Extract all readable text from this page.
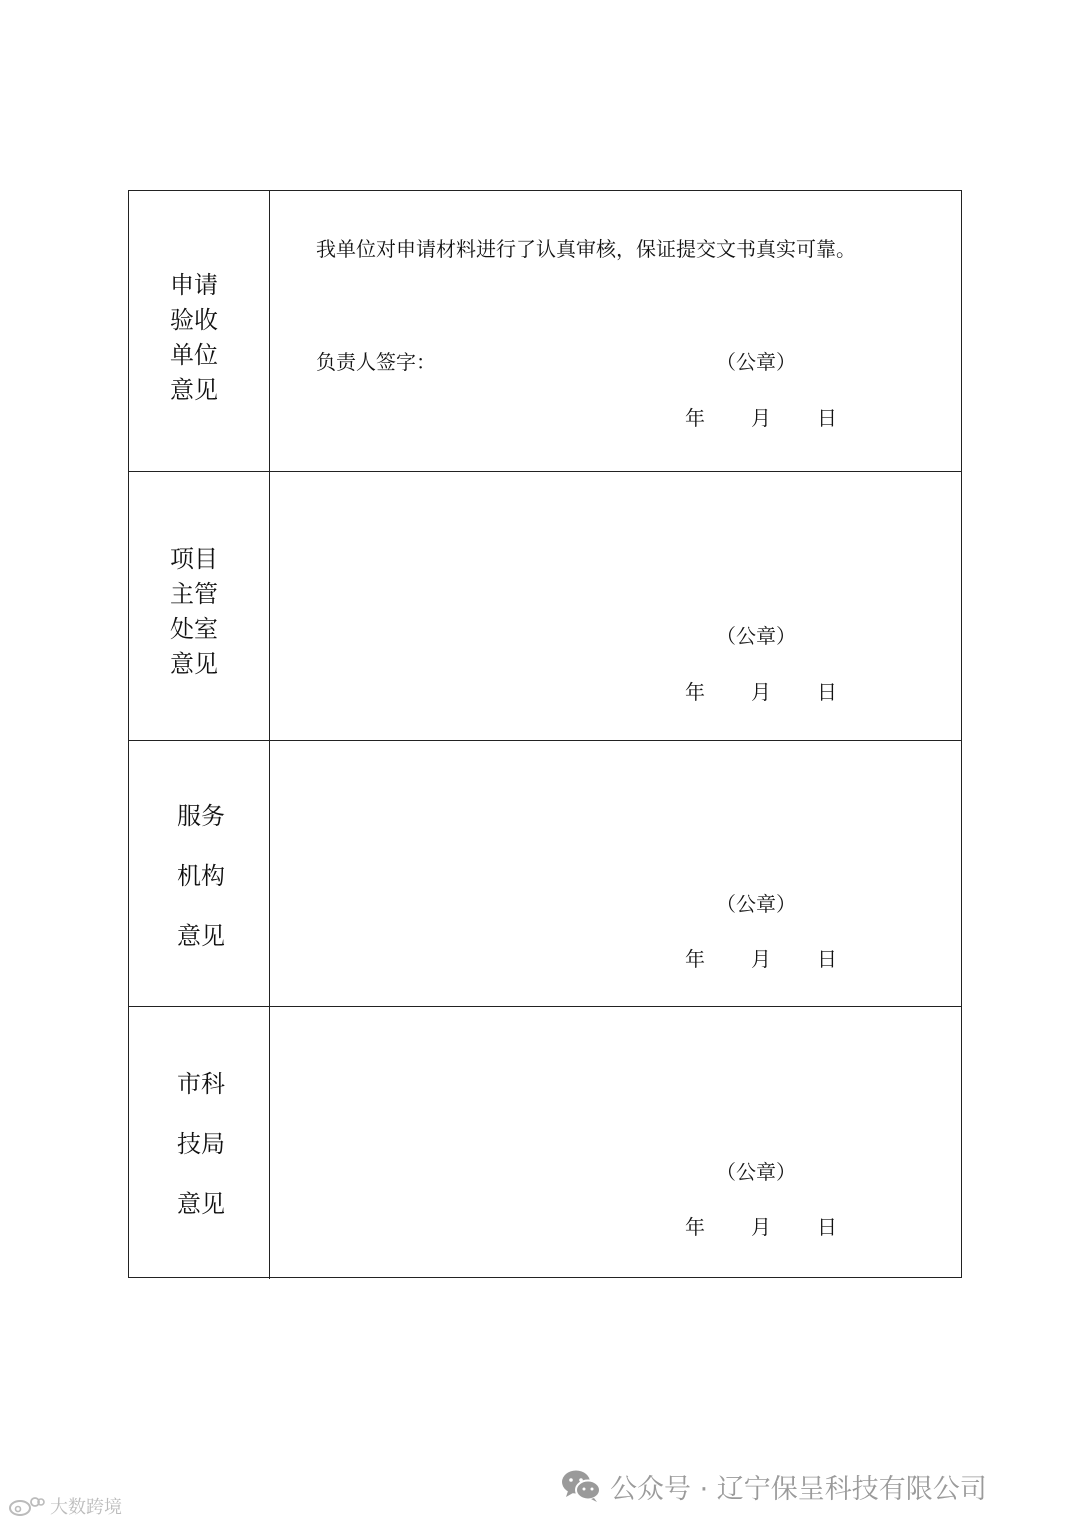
申请
验收
单位
意见
我单位对申请材料进行了认真审核，保证提交文书真实可靠。
负责人签字：	（公章）
年 月 日
项目
主管
处室
意见
（公章）
年 月 日
服务
机构
意见
（公章）
年 月 日
市科
技局
意见
（公章）
年 月 日
公众号 · 辽宁保呈科技有限公司
大数跨境
